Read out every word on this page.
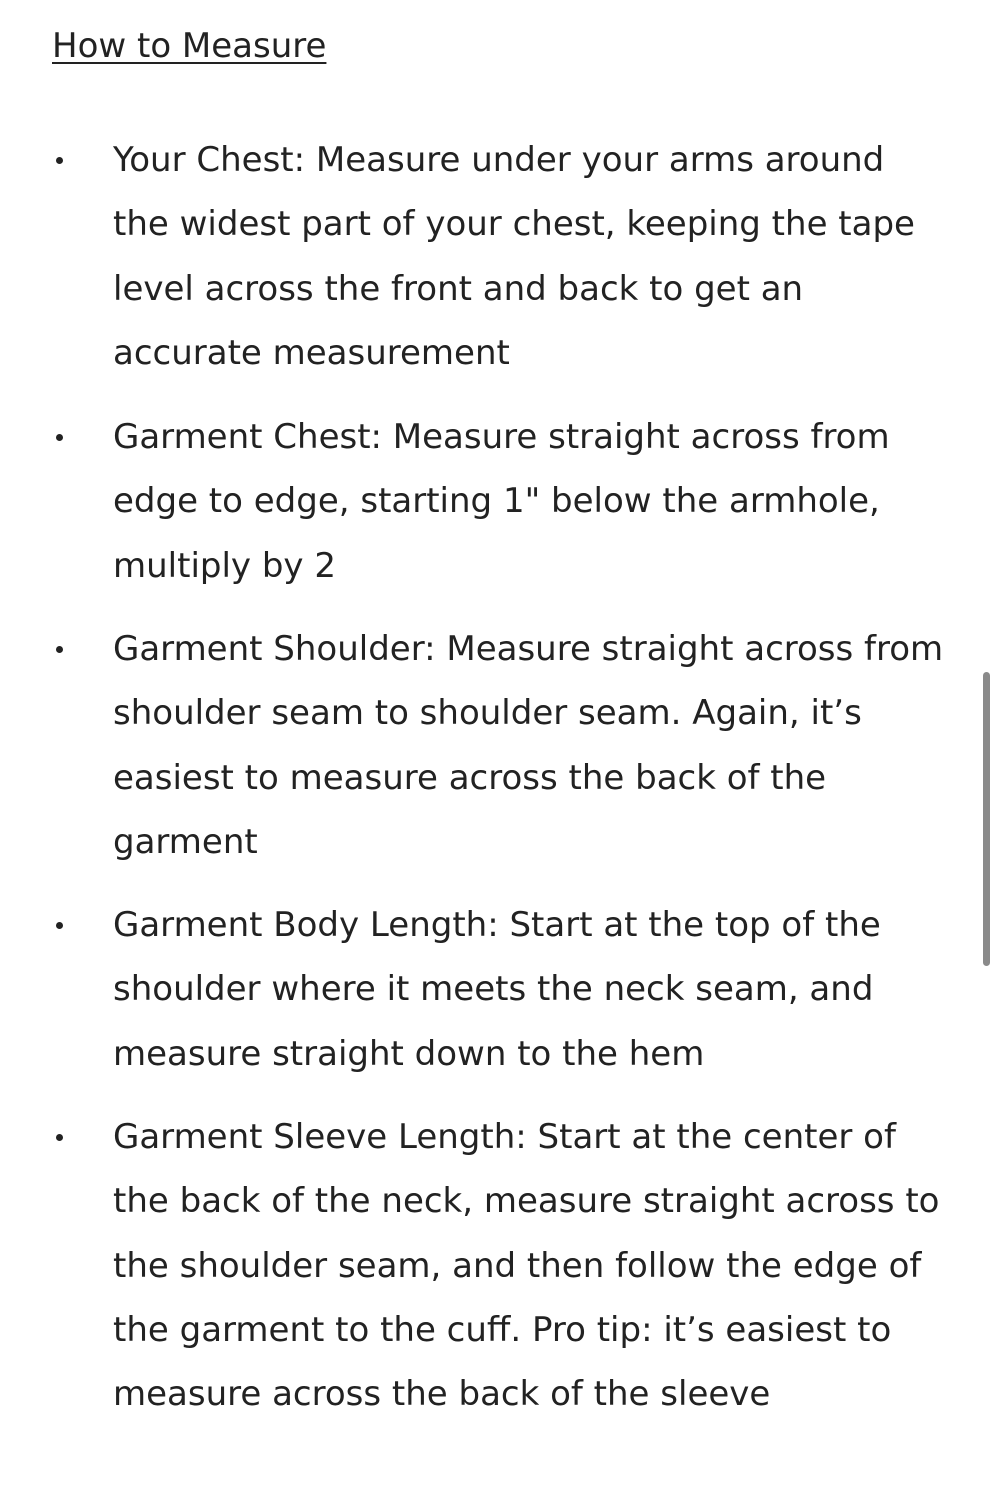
How to Measure

Your Chest: Measure under your arms around the widest part of your chest, keeping the tape level across the front and back to get an accurate measurement

Garment Chest: Measure straight across from edge to edge, starting 1" below the armhole, multiply by 2

Garment Shoulder: Measure straight across from shoulder seam to shoulder seam. Again, it’s easiest to measure across the back of the garment

Garment Body Length: Start at the top of the shoulder where it meets the neck seam, and measure straight down to the hem

Garment Sleeve Length: Start at the center of the back of the neck, measure straight across to the shoulder seam, and then follow the edge of the garment to the cuff. Pro tip: it’s easiest to measure across the back of the sleeve
